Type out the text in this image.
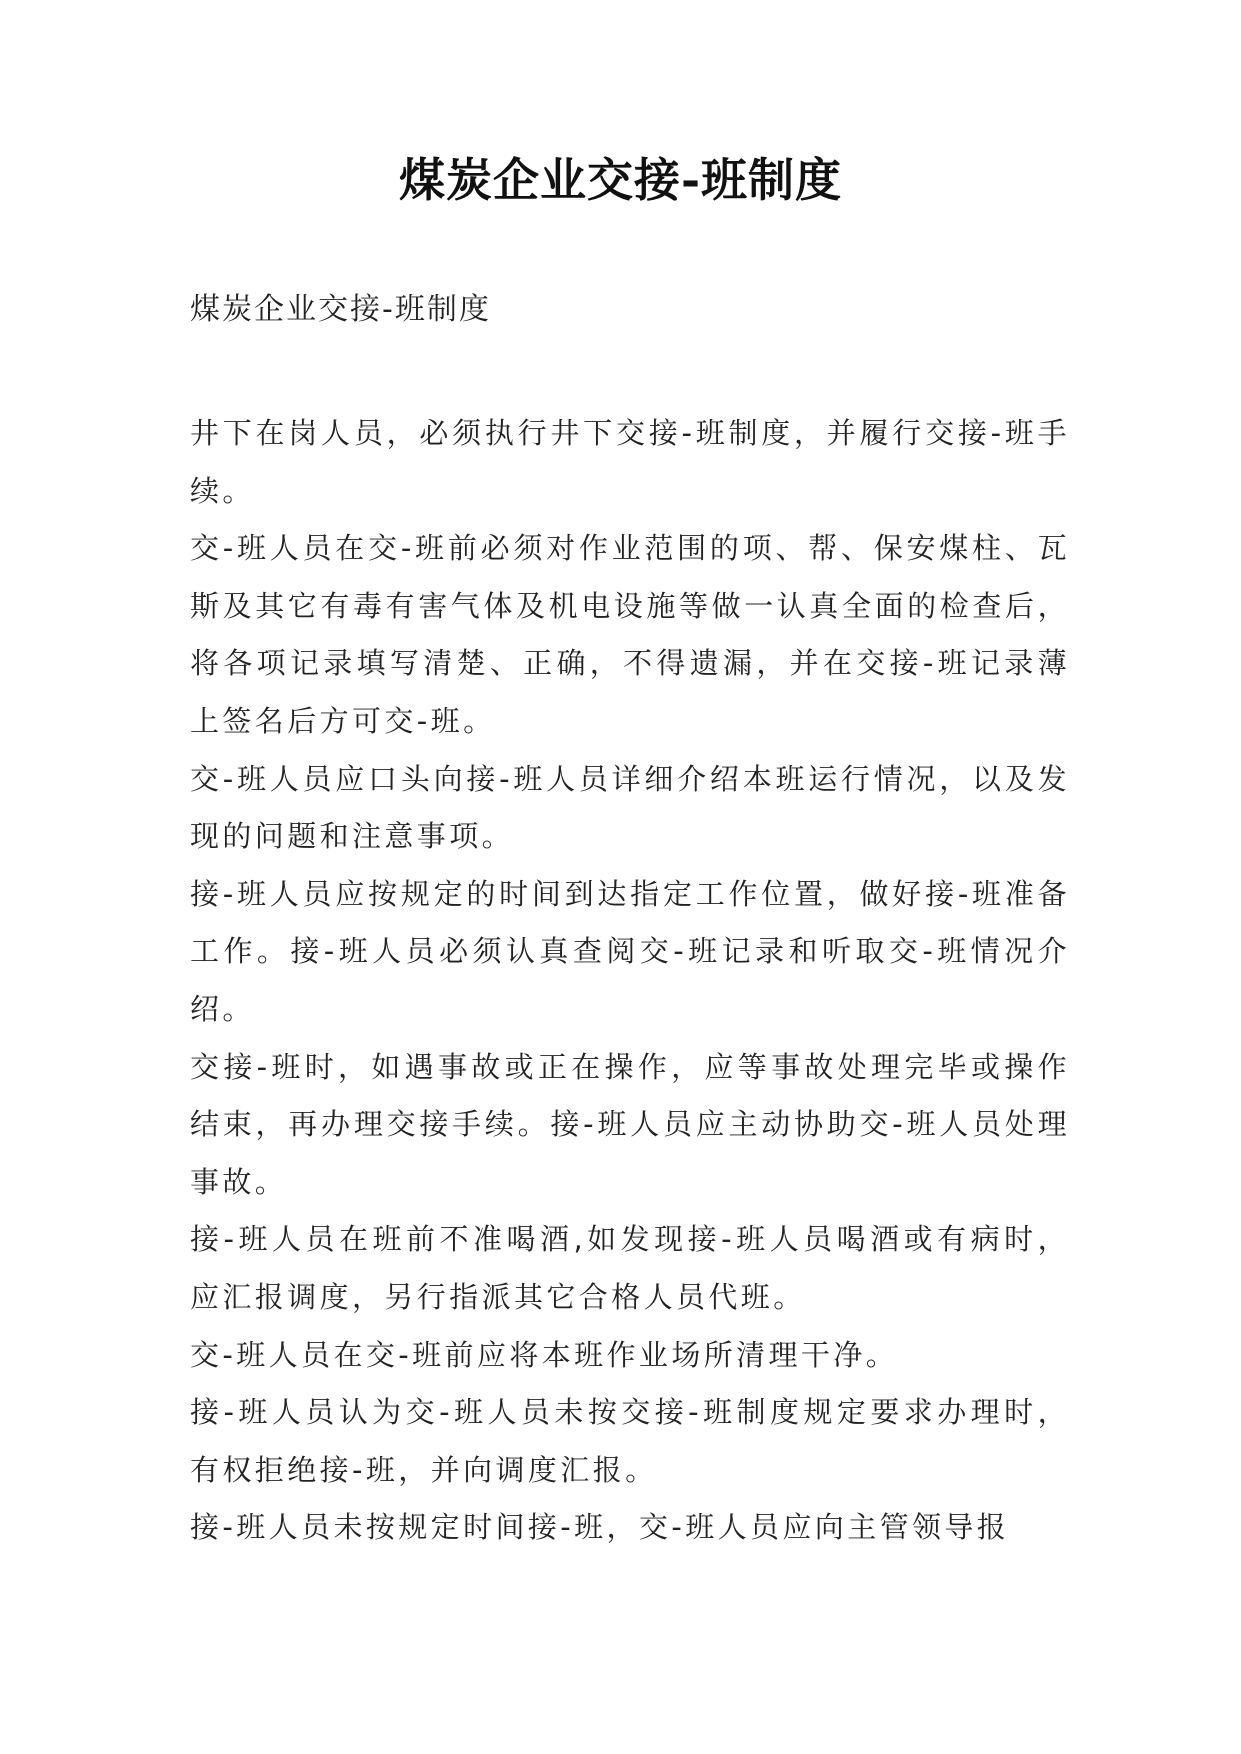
煤炭企业交接-班制度
煤炭企业交接-班制度

井下在岗人员，必须执行井下交接-班制度，并履行交接-班手续。

交-班人员在交-班前必须对作业范围的项、帮、保安煤柱、瓦斯及其它有毒有害气体及机电设施等做一认真全面的检查后，将各项记录填写清楚、正确，不得遗漏，并在交接-班记录薄上签名后方可交-班。

交-班人员应口头向接-班人员详细介绍本班运行情况，以及发现的问题和注意事项。

接-班人员应按规定的时间到达指定工作位置，做好接-班准备工作。接-班人员必须认真查阅交-班记录和听取交-班情况介绍。

交接-班时，如遇事故或正在操作，应等事故处理完毕或操作结束，再办理交接手续。接-班人员应主动协助交-班人员处理事故。

接-班人员在班前不准喝酒,如发现接-班人员喝酒或有病时，应汇报调度，另行指派其它合格人员代班。

交-班人员在交-班前应将本班作业场所清理干净。

接-班人员认为交-班人员未按交接-班制度规定要求办理时，有权拒绝接-班，并向调度汇报。

接-班人员未按规定时间接-班，交-班人员应向主管领导报
